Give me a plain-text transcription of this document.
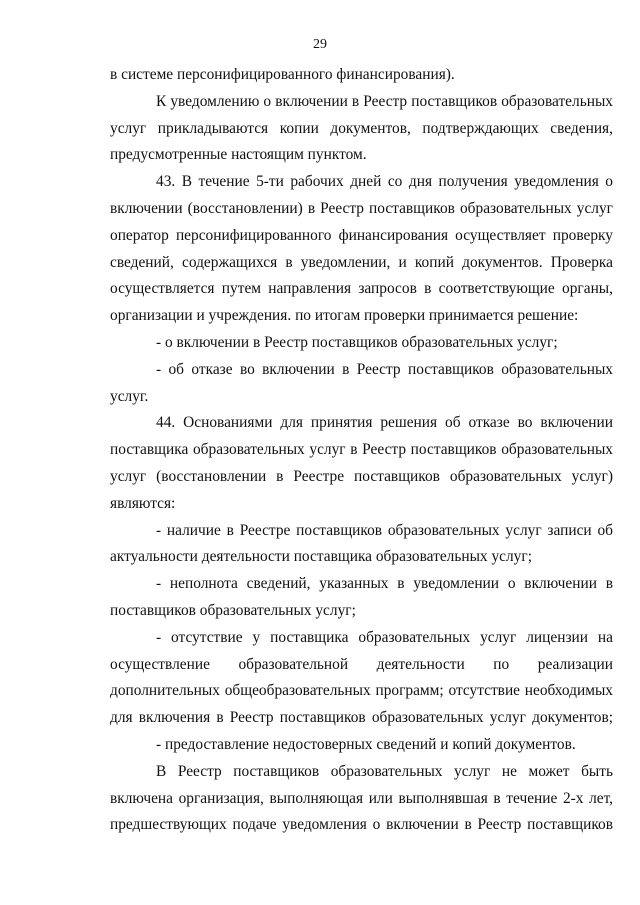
29
в системе персонифицированного финансирования).
К уведомлению о включении в Реестр поставщиков образовательных
услуг прикладываются копии документов, подтверждающих сведения,
предусмотренные настоящим пунктом.
43. В течение 5-ти рабочих дней со дня получения уведомления о
включении (восстановлении) в Реестр поставщиков образовательных услуг
оператор персонифицированного финансирования осуществляет проверку
сведений, содержащихся в уведомлении, и копий документов. Проверка
осуществляется путем направления запросов в соответствующие органы,
организации и учреждения. по итогам проверки принимается решение:
- о включении в Реестр поставщиков образовательных услуг;
- об отказе во включении в Реестр поставщиков образовательных
услуг.
44. Основаниями для принятия решения об отказе во включении
поставщика образовательных услуг в Реестр поставщиков образовательных
услуг (восстановлении в Реестре поставщиков образовательных услуг)
являются:
- наличие в Реестре поставщиков образовательных услуг записи об
актуальности деятельности поставщика образовательных услуг;
- неполнота сведений, указанных в уведомлении о включении в
поставщиков образовательных услуг;
- отсутствие у поставщика образовательных услуг лицензии на
осуществление образовательной деятельности по реализации
дополнительных общеобразовательных программ; отсутствие необходимых
для включения в Реестр поставщиков образовательных услуг документов;
- предоставление недостоверных сведений и копий документов.
В Реестр поставщиков образовательных услуг не может быть
включена организация, выполняющая или выполнявшая в течение 2-х лет,
предшествующих подаче уведомления о включении в Реестр поставщиков
